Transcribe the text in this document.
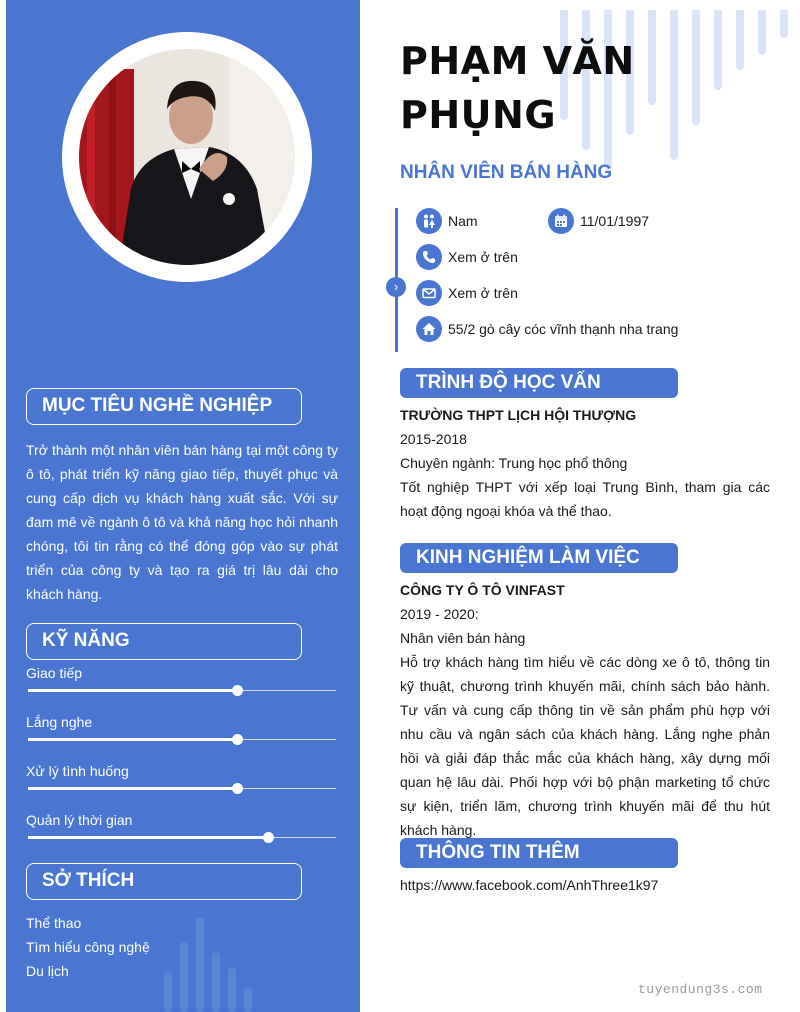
MỤC TIÊU NGHỀ NGHIỆP

Trở thành một nhân viên bán hàng tại một công ty ô tô, phát triển kỹ năng giao tiếp, thuyết phục và cung cấp dịch vụ khách hàng xuất sắc. Với sự đam mê về ngành ô tô và khả năng học hỏi nhanh chóng, tôi tin rằng có thể đóng góp vào sự phát triển của công ty và tạo ra giá trị lâu dài cho khách hàng.

KỸ NĂNG
Giao tiếp
Lắng nghe
Xử lý tình huống
Quản lý thời gian
SỞ THÍCH
Thể thao
Tìm hiểu công nghệ
Du lịch
PHẠM VĂN PHỤNG
NHÂN VIÊN BÁN HÀNG
›
Nam	11/01/1997
Xem ở trên
Xem ở trên
55/2 gò cây cóc vĩnh thạnh nha trang
TRÌNH ĐỘ HỌC VẤN
TRƯỜNG THPT LỊCH HỘI THƯỢNG
2015-2018
Chuyên ngành: Trung học phổ thông
Tốt nghiệp THPT với xếp loại Trung Bình, tham gia các hoạt động ngoại khóa và thể thao.
KINH NGHIỆM LÀM VIỆC
CÔNG TY Ô TÔ VINFAST
2019 - 2020:
Nhân viên bán hàng
Hỗ trợ khách hàng tìm hiểu về các dòng xe ô tô, thông tin kỹ thuật, chương trình khuyến mãi, chính sách bảo hành. Tư vấn và cung cấp thông tin về sản phẩm phù hợp với nhu cầu và ngân sách của khách hàng. Lắng nghe phản hồi và giải đáp thắc mắc của khách hàng, xây dựng mối quan hệ lâu dài. Phối hợp với bộ phận marketing tổ chức sự kiện, triển lãm, chương trình khuyến mãi để thu hút khách hàng.
THÔNG TIN THÊM
https://www.facebook.com/AnhThree1k97
tuyendung3s.com
